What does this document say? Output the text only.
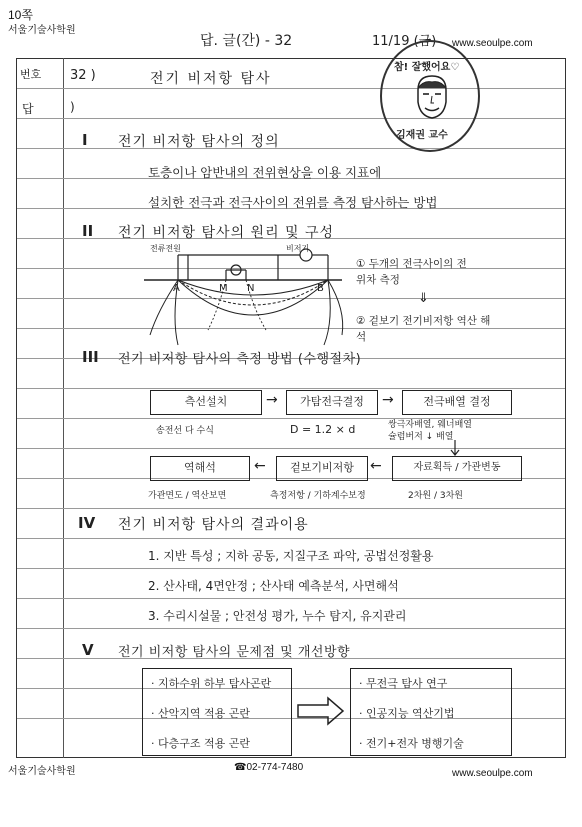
10쪽
서울기술사학원
답. 글(간) - 32	11/19 (금) www.seoulpe.com
번호
답	)
32 )	전기 비저항 탐사
참! 잘했어요♡
김재권 교수
I 전기 비저항 탐사의 정의
토층이나 암반내의 전위현상을 이용 지표에
설치한 전극과 전극사이의 전위를 측정 탐사하는 방법
II 전기 비저항 탐사의 원리 및 구성
전류전원	비저기
A	M N	B
① 두개의 전극사이의 전위차 측정
⇓
② 겉보기 전기비저항 역산 해석
III 전기 비저항 탐사의 측정 방법 (수행절차)
측선설치	→	가탐전극결정	→	전극배열 결정
송전선 다 수식	D = 1.2 × d	쌍극자배열, 웨너배열
슐럼버저 ↓ 배열
역해석	←	겉보기비저항	←	자료획득 / 가관변동
가관면도 / 역산보면	측정저항 / 기하계수보정	2차원 / 3차원
IV 전기 비저항 탐사의 결과이용
1. 지반 특성 ; 지하 공동, 지질구조 파악, 공법선정활용
2. 산사태, 4면안정 ; 산사태 예측분석, 사면해석
3. 수리시설물 ; 안전성 평가, 누수 탐지, 유지관리
V 전기 비저항 탐사의 문제점 및 개선방향
· 지하수위 하부 탐사곤란
· 산악지역 적용 곤란
· 다층구조 적용 곤란
· 무전극 탐사 연구
· 인공지능 역산기법
· 전기+전자 병행기술
서울기술사학원	☎02-774-7480
www.seoulpe.com
